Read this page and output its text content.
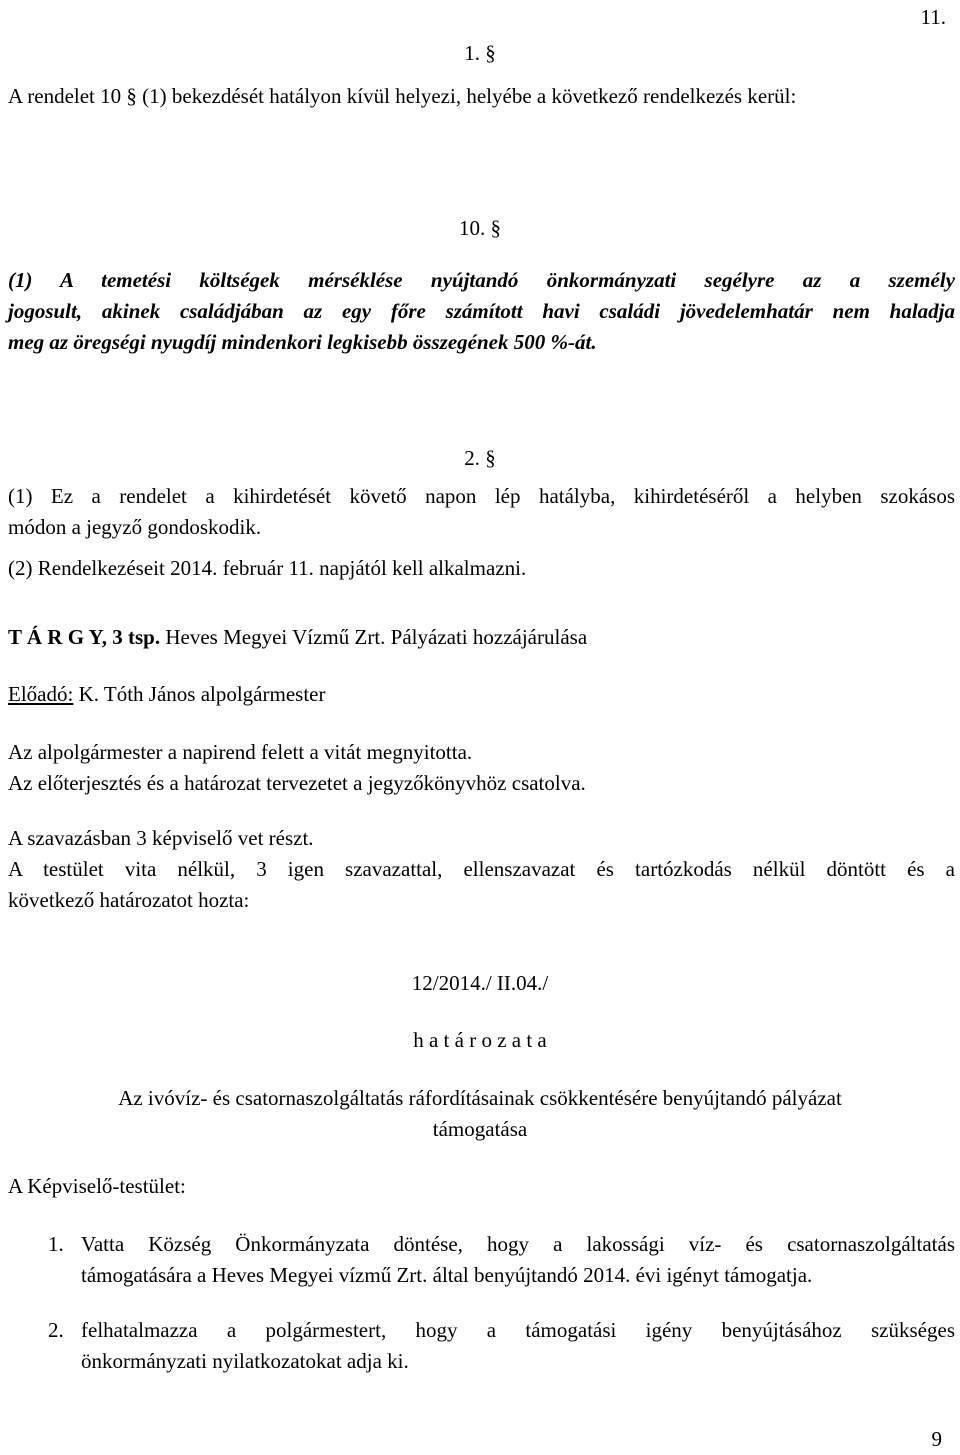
11.
1. §
A rendelet 10 § (1) bekezdését hatályon kívül helyezi, helyébe a következő rendelkezés kerül:
10. §
(1) A temetési költségek mérséklése nyújtandó önkormányzati segélyre az a személy
jogosult, akinek családjában az egy főre számított havi családi jövedelemhatár nem haladja
meg az öregségi nyugdíj mindenkori legkisebb összegének 500 %-át.
2. §
(1) Ez a rendelet a kihirdetését követő napon lép hatályba, kihirdetéséről a helyben szokásos
módon a jegyző gondoskodik.
(2) Rendelkezéseit 2014. február 11. napjától kell alkalmazni.
T Á R G Y, 3 tsp. Heves Megyei Vízmű Zrt. Pályázati hozzájárulása
Előadó: K. Tóth János alpolgármester
Az alpolgármester a napirend felett a vitát megnyitotta.
Az előterjesztés és a határozat tervezetet a jegyzőkönyvhöz csatolva.
A szavazásban 3 képviselő vet részt.
A testület vita nélkül, 3 igen szavazattal, ellenszavazat és tartózkodás nélkül döntött és a
következő határozatot hozta:
12/2014./ II.04./
h a t á r o z a t a
Az ivóvíz- és csatornaszolgáltatás ráfordításainak csökkentésére benyújtandó pályázat
támogatása
A Képviselő-testület:
1. Vatta Község Önkormányzata döntése, hogy a lakossági víz- és csatornaszolgáltatás
támogatására a Heves Megyei vízmű Zrt. által benyújtandó 2014. évi igényt támogatja.
2. felhatalmazza a polgármestert, hogy a támogatási igény benyújtásához szükséges
önkormányzati nyilatkozatokat adja ki.
9
